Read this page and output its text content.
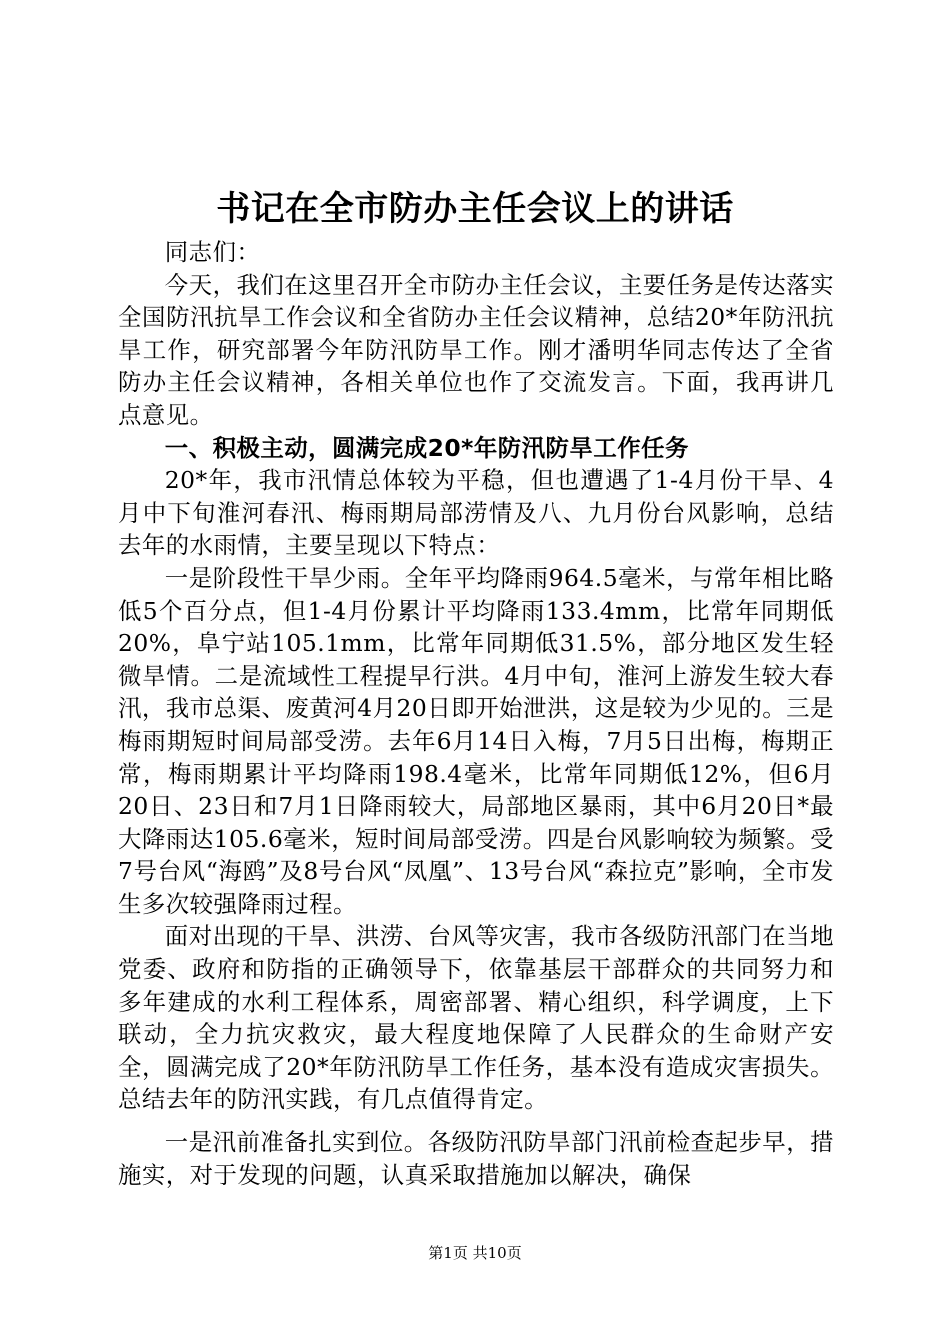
书记在全市防办主任会议上的讲话

同志们：

今天，我们在这里召开全市防办主任会议，主要任务是传达落实全国防汛抗旱工作会议和全省防办主任会议精神，总结20*年防汛抗旱工作，研究部署今年防汛防旱工作。刚才潘明华同志传达了全省防办主任会议精神，各相关单位也作了交流发言。下面，我再讲几点意见。

一、积极主动，圆满完成20*年防汛防旱工作任务

20*年，我市汛情总体较为平稳，但也遭遇了1-4月份干旱、4月中下旬淮河春汛、梅雨期局部涝情及八、九月份台风影响，总结去年的水雨情，主要呈现以下特点：

一是阶段性干旱少雨。全年平均降雨964.5毫米，与常年相比略低5个百分点，但1-4月份累计平均降雨133.4mm，比常年同期低20%，阜宁站105.1mm，比常年同期低31.5%，部分地区发生轻微旱情。二是流域性工程提早行洪。4月中旬，淮河上游发生较大春汛，我市总渠、废黄河4月20日即开始泄洪，这是较为少见的。三是梅雨期短时间局部受涝。去年6月14日入梅，7月5日出梅，梅期正常，梅雨期累计平均降雨198.4毫米，比常年同期低12%，但6月20日、23日和7月1日降雨较大，局部地区暴雨，其中6月20日*最大降雨达105.6毫米，短时间局部受涝。四是台风影响较为频繁。受7号台风“海鸥”及8号台风“凤凰”、13号台风“森拉克”影响，全市发生多次较强降雨过程。

面对出现的干旱、洪涝、台风等灾害，我市各级防汛部门在当地党委、政府和防指的正确领导下，依靠基层干部群众的共同努力和多年建成的水利工程体系，周密部署、精心组织，科学调度，上下联动，全力抗灾救灾，最大程度地保障了人民群众的生命财产安全，圆满完成了20*年防汛防旱工作任务，基本没有造成灾害损失。总结去年的防汛实践，有几点值得肯定。

一是汛前准备扎实到位。各级防汛防旱部门汛前检查起步早，措施实，对于发现的问题，认真采取措施加以解决，确保

第1页 共10页
